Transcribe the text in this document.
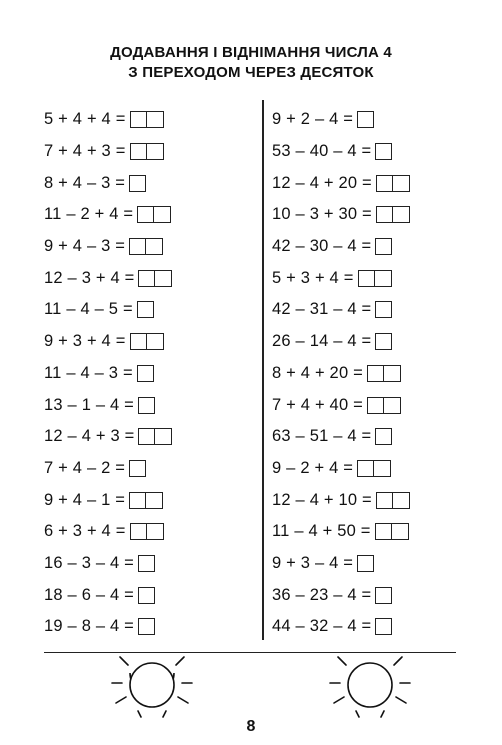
ДОДАВАННЯ І ВІДНІМАННЯ ЧИСЛА 4
З ПЕРЕХОДОМ ЧЕРЕЗ ДЕСЯТОК
5 + 4 + 4 =
7 + 4 + 3 =
8 + 4 – 3 =
11 – 2 + 4 =
9 + 4 – 3 =
12 – 3 + 4 =
11 – 4 – 5 =
9 + 3 + 4 =
11 – 4 – 3 =
13 – 1 – 4 =
12 – 4 + 3 =
7 + 4 – 2 =
9 + 4 – 1 =
6 + 3 + 4 =
16 – 3 – 4 =
18 – 6 – 4 =
19 – 8 – 4 =
9 + 2 – 4 =
53 – 40 – 4 =
12 – 4 + 20 =
10 – 3 + 30 =
42 – 30 – 4 =
5 + 3 + 4 =
42 – 31 – 4 =
26 – 14 – 4 =
8 + 4 + 20 =
7 + 4 + 40 =
63 – 51 – 4 =
9 – 2 + 4 =
12 – 4 + 10 =
11 – 4 + 50 =
9 + 3 – 4 =
36 – 23 – 4 =
44 – 32 – 4 =
8
